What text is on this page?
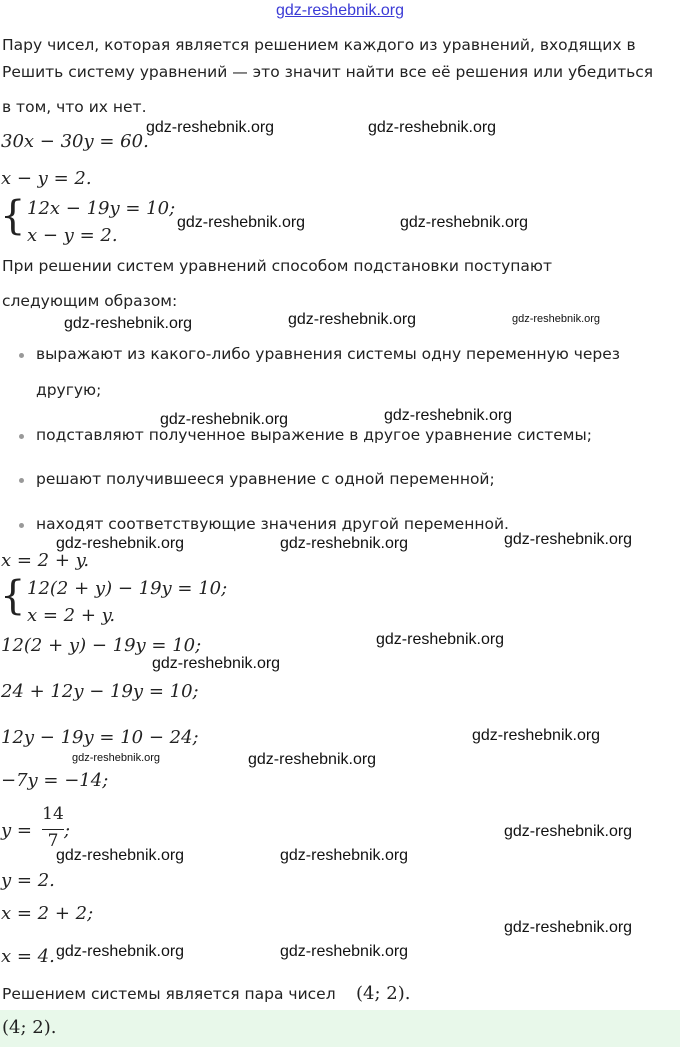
gdz-reshebnik.org
Пару чисел, которая является решением каждого из уравнений, входящих в
Решить систему уравнений — это значит найти все её решения или убедиться
в том, что их нет.
30x − 30y = 60.
x − y = 2.
{ 12x − 19y = 10;
x − y = 2.
При решении систем уравнений способом подстановки поступают
следующим образом:
выражают из какого-либо уравнения системы одну переменную через
другую;
подставляют полученное выражение в другое уравнение системы;
решают получившееся уравнение с одной переменной;
находят соответствующие значения другой переменной.
x = 2 + y.
{ 12(2 + y) − 19y = 10;
x = 2 + y.
12(2 + y) − 19y = 10;
24 + 12y − 19y = 10;
12y − 19y = 10 − 24;
−7y = −14;
y =
14
7 ;
y = 2.
x = 2 + 2;
x = 4.
Решением системы является пара чисел (4; 2).
(4; 2).
gdz-reshebnik.org	gdz-reshebnik.org
gdz-reshebnik.org	gdz-reshebnik.org
gdz-reshebnik.org	gdz-reshebnik.org	gdz-reshebnik.org
gdz-reshebnik.org	gdz-reshebnik.org
gdz-reshebnik.org	gdz-reshebnik.org	gdz-reshebnik.org
gdz-reshebnik.org
gdz-reshebnik.org
gdz-reshebnik.org
gdz-reshebnik.org	gdz-reshebnik.org
gdz-reshebnik.org
gdz-reshebnik.org	gdz-reshebnik.org
gdz-reshebnik.org
gdz-reshebnik.org	gdz-reshebnik.org
